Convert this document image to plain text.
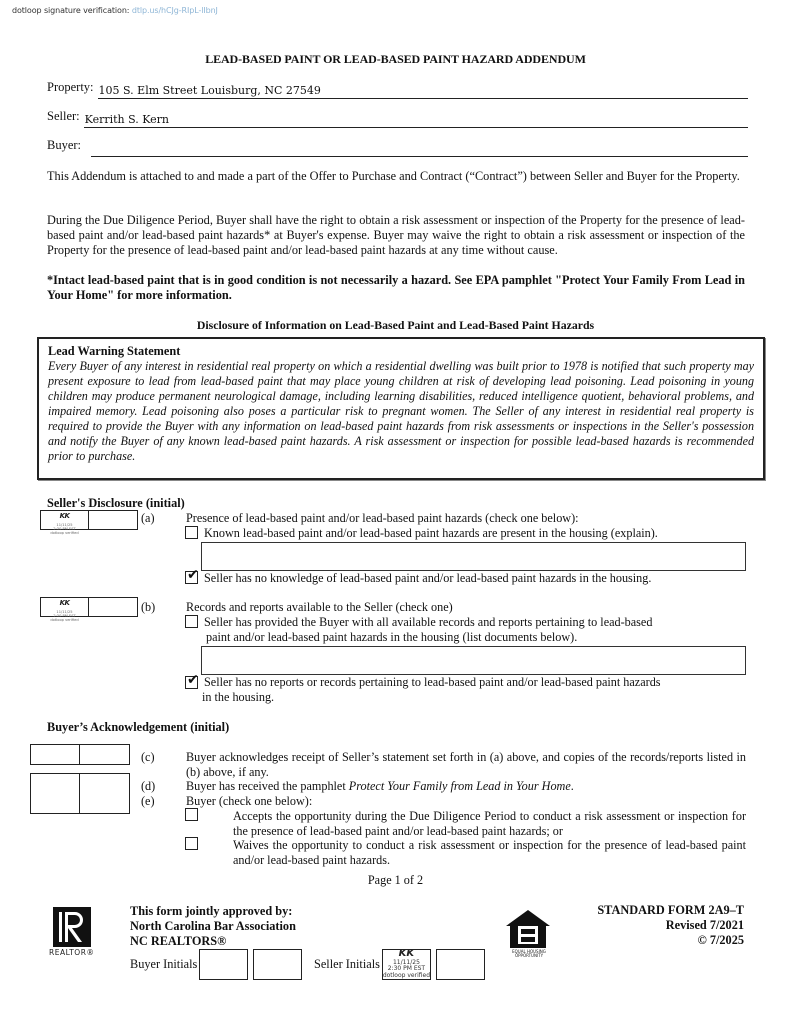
dotloop signature verification: dtlp.us/hCJg-RIpL-lIbnJ
LEAD-BASED PAINT OR LEAD-BASED PAINT HAZARD ADDENDUM
Property: 105 S. Elm Street Louisburg, NC 27549
Seller: Kerrith S. Kern
Buyer:
This Addendum is attached to and made a part of the Offer to Purchase and Contract (“Contract”) between Seller and Buyer for the Property.
During the Due Diligence Period, Buyer shall have the right to obtain a risk assessment or inspection of the Property for the presence of lead-based paint and/or lead-based paint hazards* at Buyer's expense. Buyer may waive the right to obtain a risk assessment or inspection of the Property for the presence of lead-based paint and/or lead-based paint hazards at any time without cause.
*Intact lead-based paint that is in good condition is not necessarily a hazard. See EPA pamphlet "Protect Your Family From Lead in Your Home" for more information.
Disclosure of Information on Lead-Based Paint and Lead-Based Paint Hazards
Lead Warning Statement
Every Buyer of any interest in residential real property on which a residential dwelling was built prior to 1978 is notified that such property may present exposure to lead from lead-based paint that may place young children at risk of developing lead poisoning. Lead poisoning in young children may produce permanent neurological damage, including learning disabilities, reduced intelligence quotient, behavioral problems, and impaired memory. Lead poisoning also poses a particular risk to pregnant women. The Seller of any interest in residential real property is required to provide the Buyer with any information on lead-based paint hazards from risk assessments or inspections in the Seller's possession and notify the Buyer of any known lead-based paint hazards. A risk assessment or inspection for possible lead-based hazards is recommended prior to purchase.
Seller's Disclosure (initial)
KK
11/11/25
2:30 PM EST
dotloop verified
(a)	Presence of lead-based paint and/or lead-based paint hazards (check one below):
Known lead-based paint and/or lead-based paint hazards are present in the housing (explain).
✔ Seller has no knowledge of lead-based paint and/or lead-based paint hazards in the housing.
KK
11/11/25
2:30 PM EST
dotloop verified
(b)	Records and reports available to the Seller (check one)
Seller has provided the Buyer with all available records and reports pertaining to lead-based
paint and/or lead-based paint hazards in the housing (list documents below).
✔ Seller has no reports or records pertaining to lead-based paint and/or lead-based paint hazards
in the housing.
Buyer’s Acknowledgement (initial)
(c)	Buyer acknowledges receipt of Seller’s statement set forth in (a) above, and copies of the records/reports listed in (b) above, if any.
(d)	Buyer has received the pamphlet Protect Your Family from Lead in Your Home.
(e)	Buyer (check one below):
Accepts the opportunity during the Due Diligence Period to conduct a risk assessment or inspection for the presence of lead-based paint and/or lead-based paint hazards; or
Waives the opportunity to conduct a risk assessment or inspection for the presence of lead-based paint and/or lead-based paint hazards.
Page 1 of 2
REALTOR®
This form jointly approved by:
North Carolina Bar Association
NC REALTORS®
EQUAL HOUSING OPPORTUNITY
STANDARD FORM 2A9–T
Revised 7/2021
© 7/2025
Buyer Initials	Seller Initials
KK
11/11/25
2:30 PM EST
dotloop verified
